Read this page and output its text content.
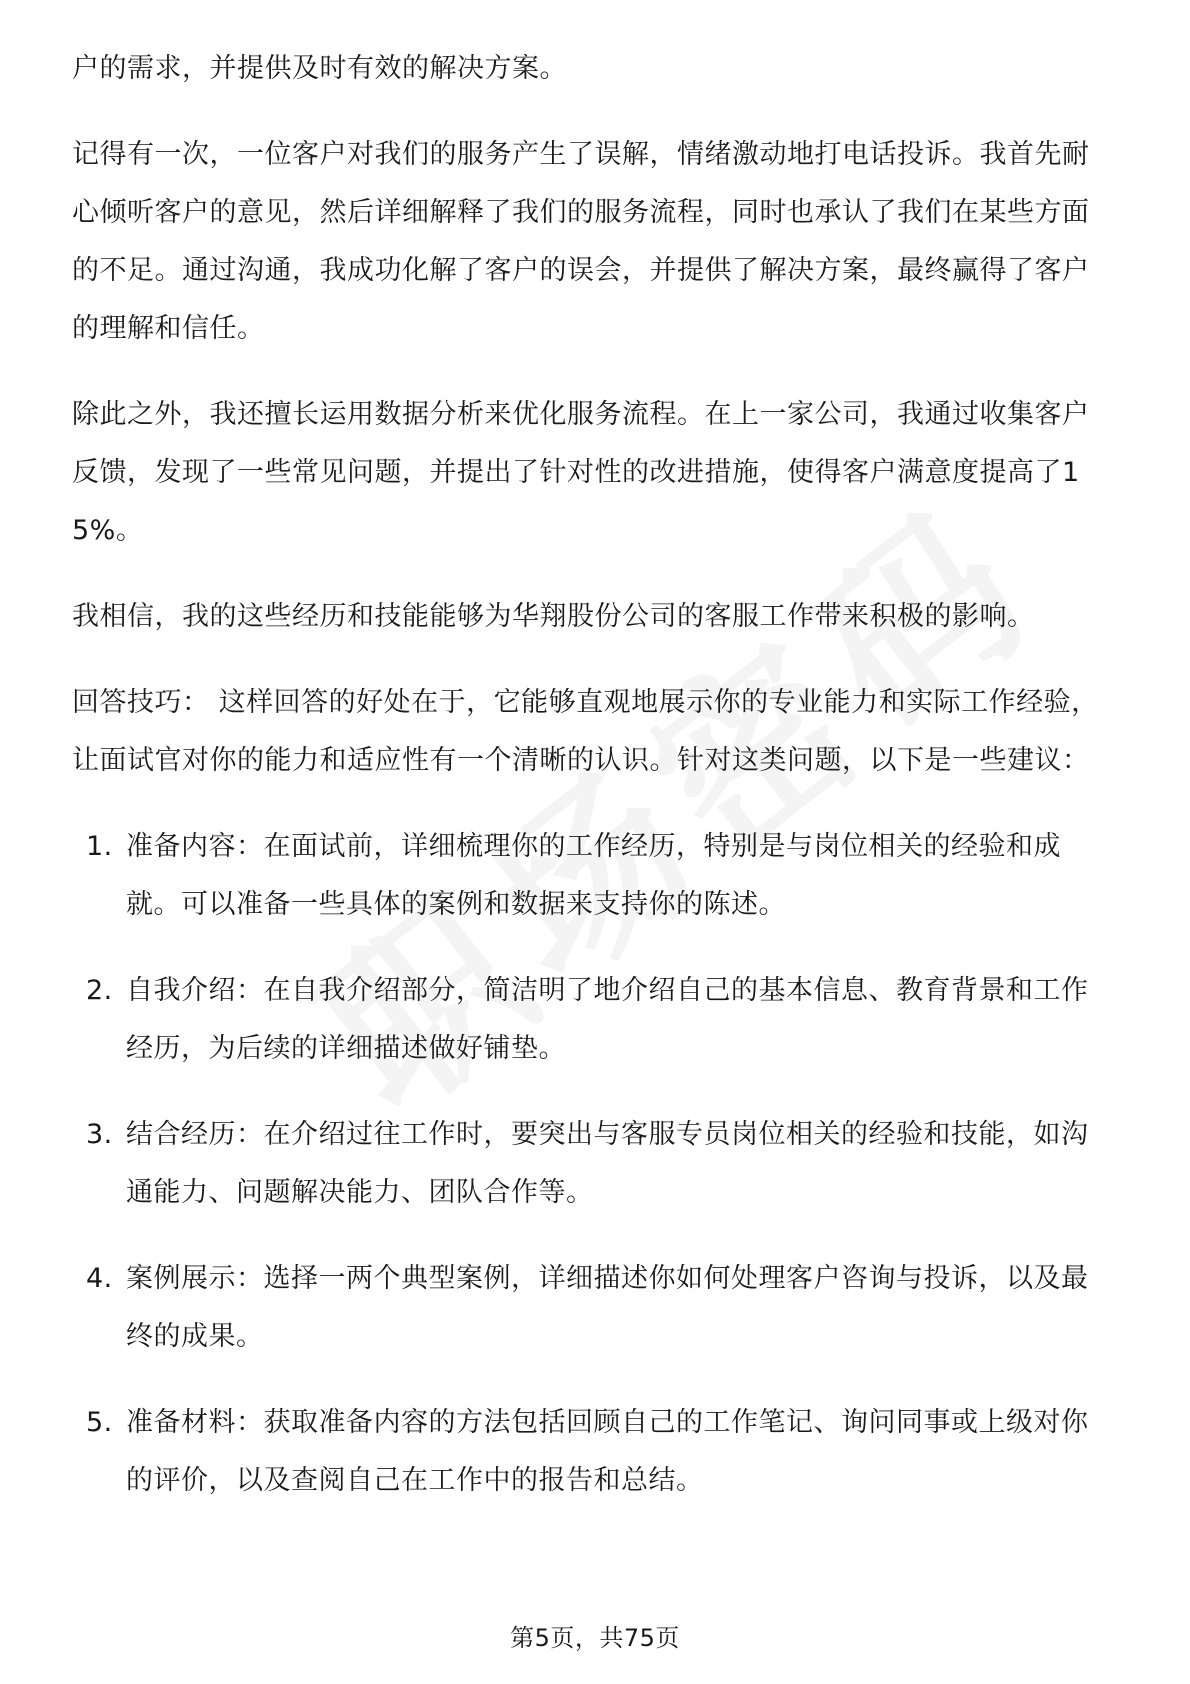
户的需求，并提供及时有效的解决方案。

记得有一次，一位客户对我们的服务产生了误解，情绪激动地打电话投诉。我首先耐心倾听客户的意见，然后详细解释了我们的服务流程，同时也承认了我们在某些方面的不足。通过沟通，我成功化解了客户的误会，并提供了解决方案，最终赢得了客户的理解和信任。

除此之外，我还擅长运用数据分析来优化服务流程。在上一家公司，我通过收集客户反馈，发现了一些常见问题，并提出了针对性的改进措施，使得客户满意度提高了15%。

我相信，我的这些经历和技能能够为华翔股份公司的客服工作带来积极的影响。

回答技巧： 这样回答的好处在于，它能够直观地展示你的专业能力和实际工作经验，让面试官对你的能力和适应性有一个清晰的认识。针对这类问题，以下是一些建议：

1. 准备内容：在面试前，详细梳理你的工作经历，特别是与岗位相关的经验和成就。可以准备一些具体的案例和数据来支持你的陈述。
2. 自我介绍：在自我介绍部分，简洁明了地介绍自己的基本信息、教育背景和工作经历，为后续的详细描述做好铺垫。
3. 结合经历：在介绍过往工作时，要突出与客服专员岗位相关的经验和技能，如沟通能力、问题解决能力、团队合作等。
4. 案例展示：选择一两个典型案例，详细描述你如何处理客户咨询与投诉，以及最终的成果。
5. 准备材料：获取准备内容的方法包括回顾自己的工作笔记、询问同事或上级对你的评价，以及查阅自己在工作中的报告和总结。
第5页，共75页
